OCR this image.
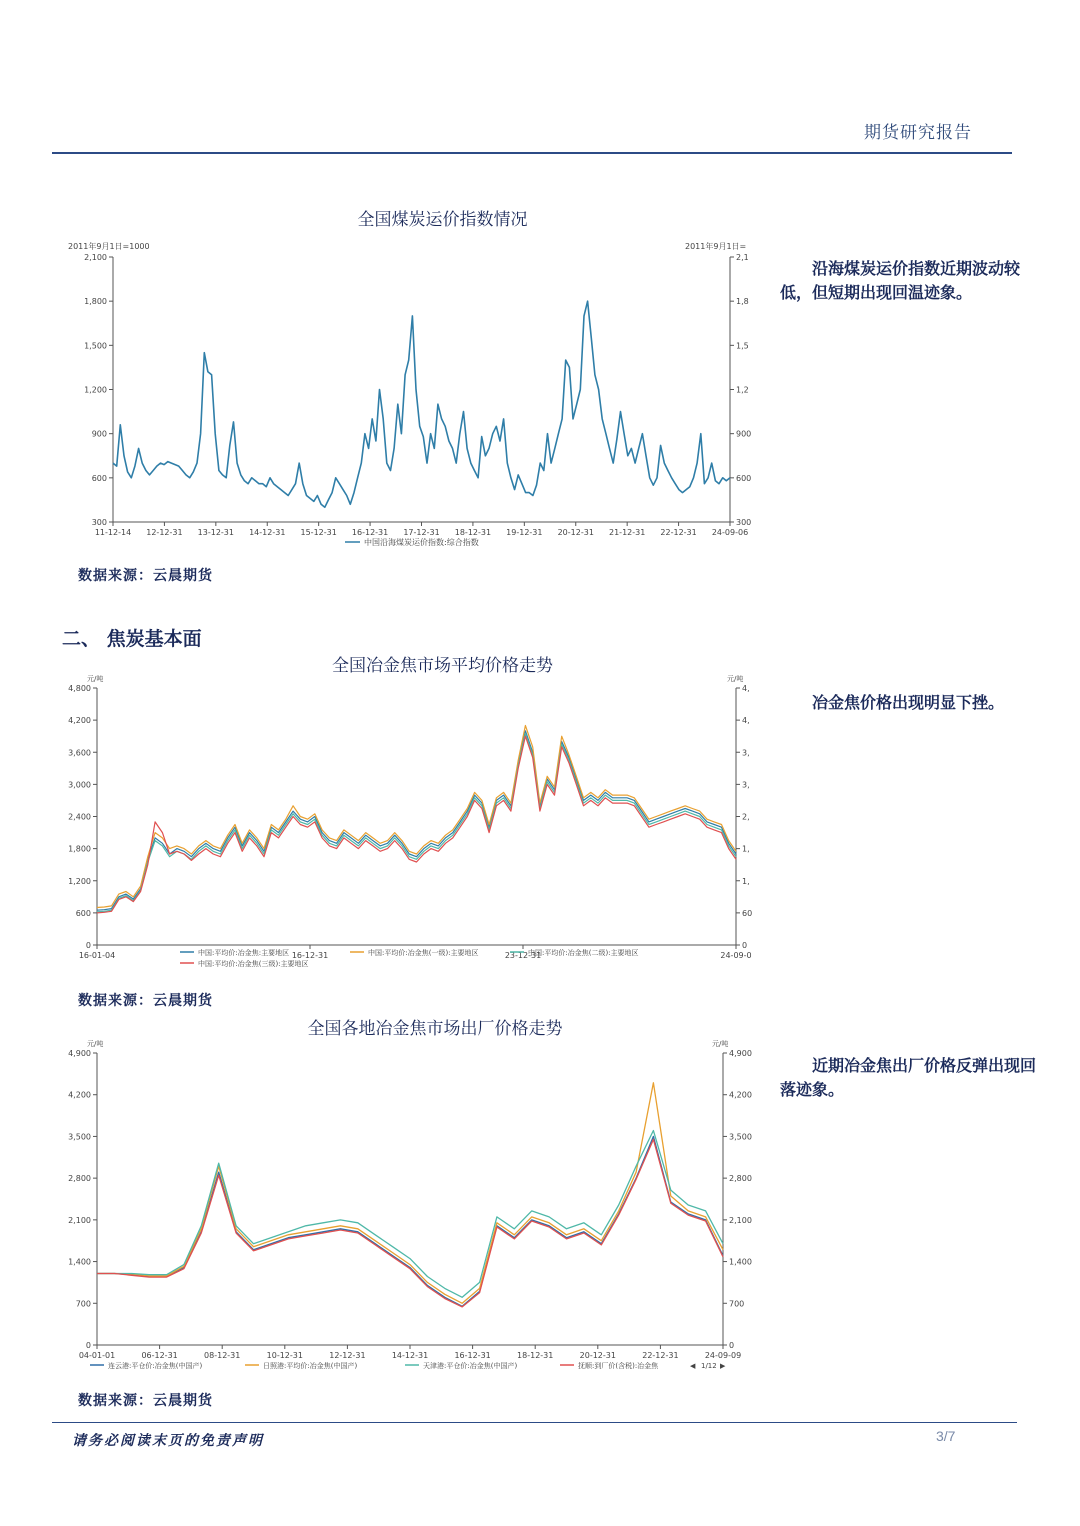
期货研究报告
全国煤炭运价指数情况
300	300
600	600
900	900
1,200	1,2
1,500	1,5
1,800	1,8
2,100	2,1
11-12-14 12-12-31 13-12-31 14-12-31 15-12-31 16-12-31 17-12-31 18-12-31 19-12-31 20-12-31 21-12-31 22-12-31 24-09-06
2011年9月1日=1000	2011年9月1日=
中国沿海煤炭运价指数:综合指数
数据来源：云晨期货
沿海煤炭运价指数近期波动较低，但短期出现回温迹象。
二、 焦炭基本面
全国冶金焦市场平均价格走势
0	0
600	60
1,200	1,
1,800	1,
2,400	2,
3,000	3,
3,600	3,
4,200	4,
4,800	4,
16-01-04	16-12-31	23-12-31	24-09-0
元/吨	元/吨
中国:平均价:冶金焦:主要地区	中国:平均价:冶金焦(一级):主要地区	中国:平均价:冶金焦(二级):主要地区
中国:平均价:冶金焦(三级):主要地区
数据来源：云晨期货
冶金焦价格出现明显下挫。
全国各地冶金焦市场出厂价格走势
0	0
700	700
1,400	1,400
2,100	2,100
2,800	2,800
3,500	3,500
4,200	4,200
4,900	4,900
04-01-01	06-12-31	08-12-31	10-12-31	12-12-31	14-12-31	16-12-31	18-12-31	20-12-31	22-12-31	24-09-09
元/吨	元/吨
连云港:平仓价:冶金焦(中国产)	日照港:平均价:冶金焦(中国产)	天津港:平仓价:冶金焦(中国产)	抚顺:到厂价(含税):冶金焦	◀ 1/12 ▶
数据来源：云晨期货
近期冶金焦出厂价格反弹出现回落迹象。
请务必阅读末页的免责声明	3/7
